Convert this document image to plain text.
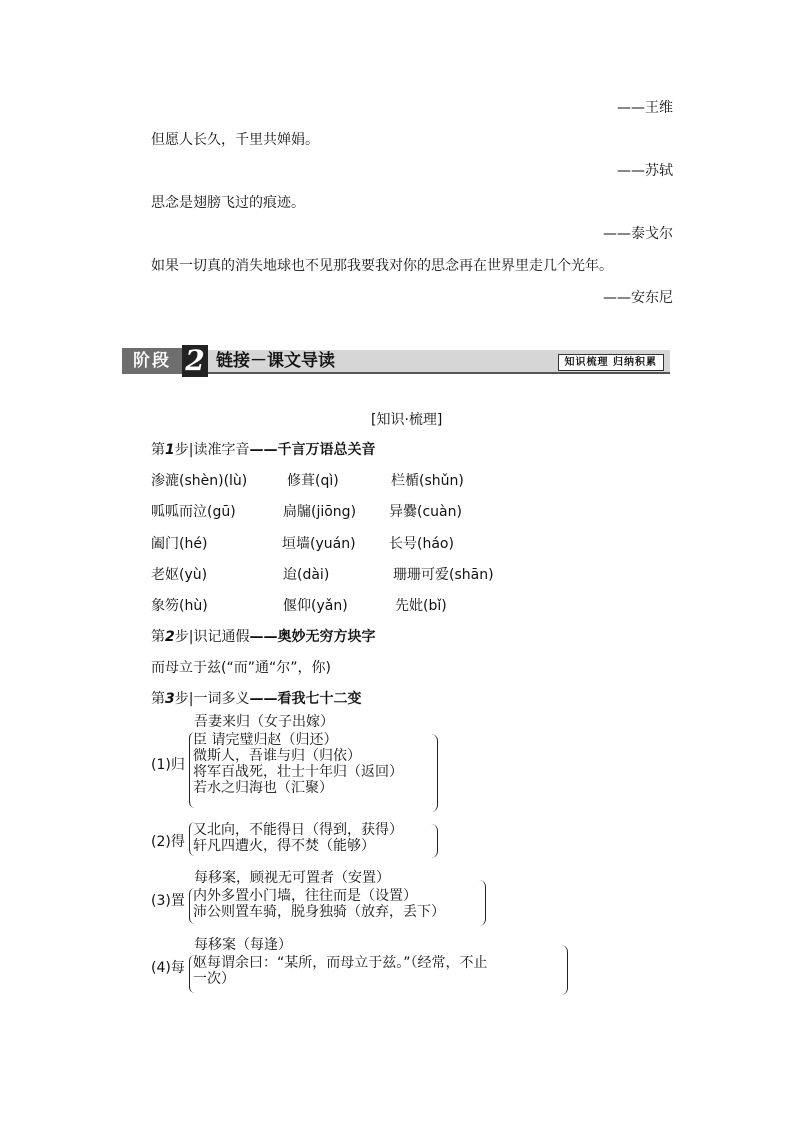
——王维
但愿人长久，千里共婵娟。
——苏轼
思念是翅膀飞过的痕迹。
——泰戈尔
如果一切真的消失地球也不见那我要我对你的思念再在世界里走几个光年。
——安东尼
阶段 2 链接－课文导读	知识梳理 归纳积累
[知识·梳理]
第1步|读准字音——千言万语总关音
渗漉(shèn)(lù)	修葺(qì)	栏楯(shǔn)
呱呱而泣(gū)	扃牖(jiōng) 异爨(cuàn)
阖门(hé)	垣墙(yuán) 长号(háo)
老妪(yù)	迨(dài)	珊珊可爱(shān)
象笏(hù)	偃仰(yǎn)	先妣(bǐ)
第2步|识记通假——奥妙无穷方块字
而母立于兹(“而”通“尔”，你)
第3步|一词多义——看我七十二变
(1)归
吾妻来归（女子出嫁）
臣 请完璧归赵（归还）
微斯人，吾谁与归（归依）
将军百战死，壮士十年归（返回）
若水之归海也（汇聚）
(2)得
又北向，不能得日（得到，获得）
轩凡四遭火，得不焚（能够）
(3)置
每移案，顾视无可置者（安置）
内外多置小门墙，往往而是（设置）
沛公则置车骑，脱身独骑（放弃，丢下）
(4)每
每移案（每逢）
妪每谓余曰：“某所，而母立于兹。”（经常，不止
一次）
